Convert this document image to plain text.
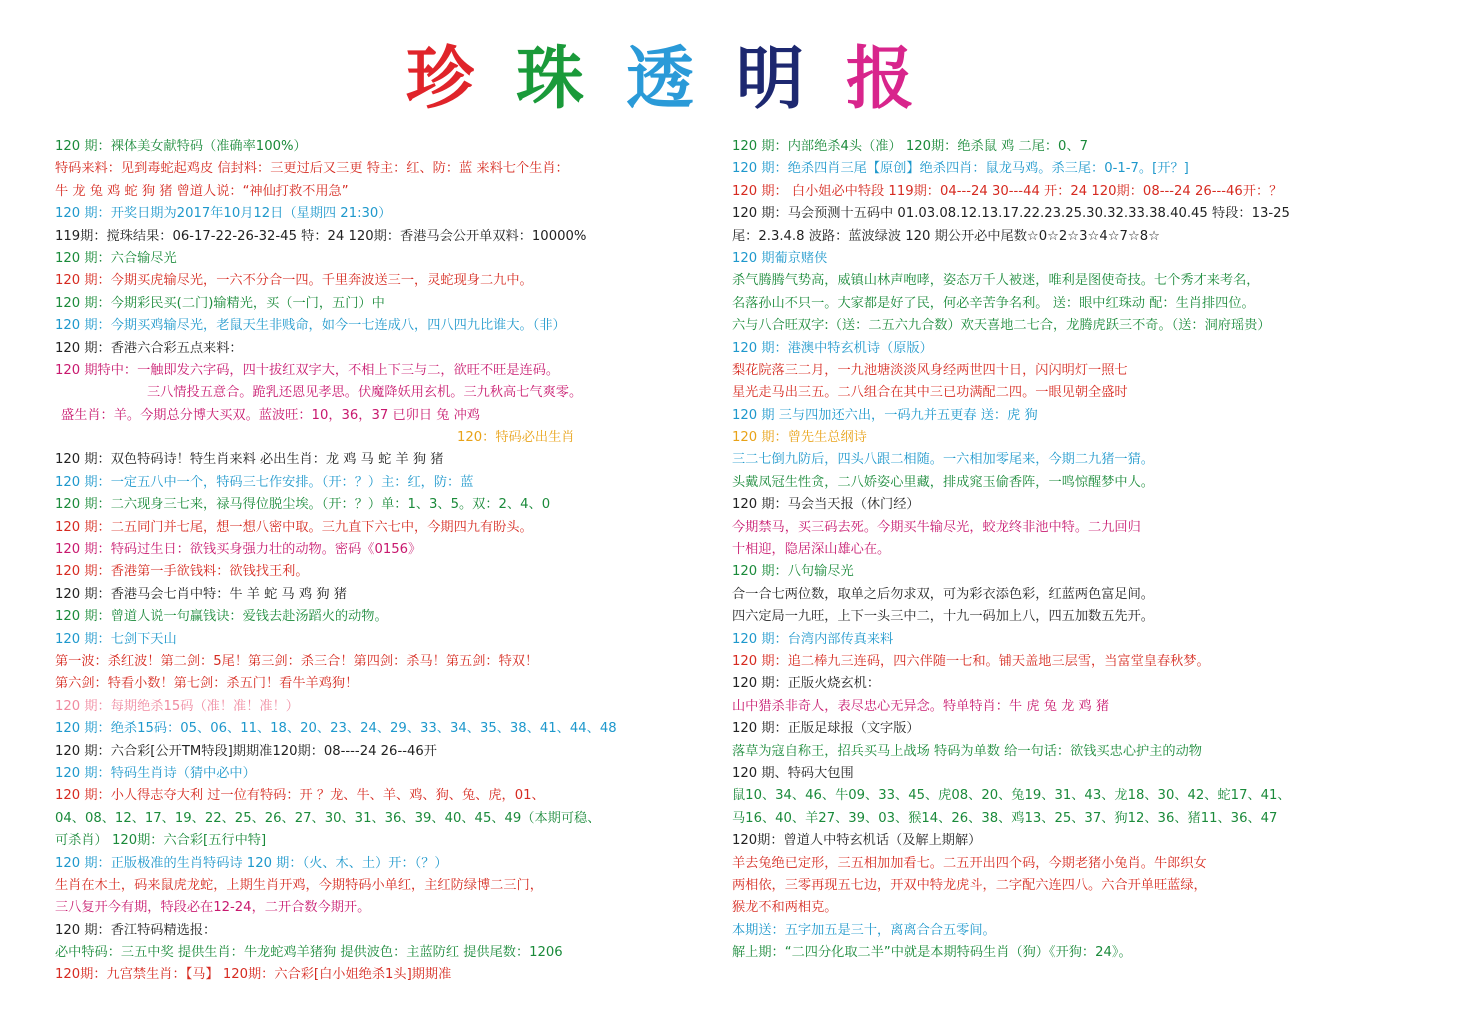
珍 珠 透 明 报
120 期：裸体美女献特码（准确率100%）
特码来料：见到毒蛇起鸡皮 信封料：三更过后又三更 特主：红、防：蓝 来料七个生肖：
牛 龙 兔 鸡 蛇 狗 猪 曾道人说：“神仙打救不用急”
120 期：开奖日期为2017年10月12日（星期四 21:30）
119期：搅珠结果：06-17-22-26-32-45 特：24 120期：香港马会公开单双料：10000%
120 期：六合输尽光
120 期：今期买虎输尽光，一六不分合一四。千里奔波送三一，灵蛇现身二九中。
120 期：今期彩民买(二门)输精光，买（一门，五门）中
120 期：今期买鸡输尽光，老鼠天生非贱命，如今一七连成八，四八四九比谁大。（非）
120 期：香港六合彩五点来料：
120 期特中：一触即发六字码，四十拔红双字大，不相上下三与二，欲旺不旺是连码。
三八情投五意合。跪乳还恩见孝思。伏魔降妖用玄机。三九秋高七气爽零。
盛生肖：羊。今期总分博大买双。蓝波旺：10，36，37 已卯日 兔 冲鸡
120：特码必出生肖
120 期：双色特码诗！特生肖来料 必出生肖：龙 鸡 马 蛇 羊 狗 猪
120 期：一定五八中一个，特码三七作安排。（开：？）主：红，防：蓝
120 期：二六现身三七来，禄马得位脱尘埃。（开：？）单：1、3、5。双：2、4、0
120 期：二五同门并七尾，想一想八密中取。三九直下六七中，今期四九有盼头。
120 期：特码过生日：欲钱买身强力壮的动物。密码《0156》
120 期：香港第一手欲钱料：欲钱找王利。
120 期：香港马会七肖中特：牛 羊 蛇 马 鸡 狗 猪
120 期：曾道人说一句赢钱诀：爱钱去赴汤蹈火的动物。
120 期：七剑下天山
第一波：杀红波！第二剑：5尾！第三剑：杀三合！第四剑：杀马！第五剑：特双！
第六剑：特看小数！第七剑：杀五门！看牛羊鸡狗！
120 期：每期绝杀15码（准！准！准！）
120 期：绝杀15码：05、06、11、18、20、23、24、29、33、34、35、38、41、44、48
120 期：六合彩[公开TM特段]期期准120期：08----24 26--46开
120 期：特码生肖诗（猜中必中）
120 期：小人得志夺大利 过一位有特码：开 ？龙、牛、羊、鸡、狗、兔、虎，01、
04、08、12、17、19、22、25、26、27、30、31、36、39、40、45、49（本期可稳、
可杀肖） 120期：六合彩[五行中特]
120 期：正版极准的生肖特码诗 120 期：（火、木、土）开：（？）
生肖在木土，码来鼠虎龙蛇，上期生肖开鸡，今期特码小单红，主红防绿博二三门，
三八复开今有期，特段必在12-24，二开合数今期开。
120 期：香江特码精选报：
必中特码：三五中奖 提供生肖：牛龙蛇鸡羊猪狗 提供波色：主蓝防红 提供尾数：1206
120期：九宫禁生肖：【马】 120期：六合彩[白小姐绝杀1头]期期准
120 期：内部绝杀4头（准） 120期：绝杀鼠 鸡 二尾：0、7
120 期：绝杀四肖三尾【原创】绝杀四肖：鼠龙马鸡。杀三尾：0-1-7。[开？]
120 期： 白小姐必中特段 119期：04---24 30---44 开：24 120期：08---24 26---46开：？
120 期：马会预测十五码中 01.03.08.12.13.17.22.23.25.30.32.33.38.40.45 特段：13-25
尾：2.3.4.8 波路：蓝波绿波 120 期公开必中尾数☆0☆2☆3☆4☆7☆8☆
120 期葡京赌侠
杀气腾腾气势高，威镇山林声咆哮，姿态万千人被迷，唯利是图使奇技。七个秀才来考名，
名落孙山不只一。大家都是好了民，何必辛苦争名利。 送：眼中红珠动 配：生肖排四位。
六与八合旺双字:（送：二五六九合数）欢天喜地二七合，龙腾虎跃三不奇。（送：洞府瑶贵）
120 期：港澳中特玄机诗（原版）
梨花院落三二月，一九池塘淡淡风身经两世四十日，闪闪明灯一照七
星光走马出三五。二八组合在其中三已功满配二四。一眼见朝全盛时
120 期 三与四加还六出，一码九并五更春 送：虎 狗
120 期：曾先生总纲诗
三二七倒九防后，四头八跟二相随。一六相加零尾来，今期二九猪一猜。
头戴凤冠生性贪，二八娇姿心里藏，排成窕玉偷香阵，一鸣惊醒梦中人。
120 期：马会当天报（休门经）
今期禁马，买三码去死。今期买牛输尽光，蛟龙终非池中特。二九回归
十相迎，隐居深山雄心在。
120 期：八句输尽光
合一合七两位数，取单之后勿求双，可为彩衣添色彩，红蓝两色富足间。
四六定局一九旺，上下一头三中二，十九一码加上八，四五加数五先开。
120 期：台湾内部传真来料
120 期：追二棒九三连码，四六伴随一七和。铺天盖地三层雪，当富堂皇春秋梦。
120 期：正版火烧玄机：
山中猎杀非奇人，表尽忠心无异念。特单特肖：牛 虎 兔 龙 鸡 猪
120 期：正版足球报（文字版）
落草为寇自称王，招兵买马上战场 特码为单数 给一句话：欲钱买忠心护主的动物
120 期、特码大包围
鼠10、34、46、牛09、33、45、虎08、20、兔19、31、43、龙18、30、42、蛇17、41、
马16、40、羊27、39、03、猴14、26、38、鸡13、25、37、狗12、36、猪11、36、47
120期：曾道人中特玄机话（及解上期解）
羊去兔绝已定形，三五相加加看七。二五开出四个码，今期老猪小兔肖。牛郎织女
两相依，三零再现五七边，开双中特龙虎斗，二字配六连四八。六合开单旺蓝绿，
猴龙不和两相克。
本期送：五字加五是三十，离离合合五零间。
解上期：“二四分化取二半”中就是本期特码生肖（狗）《开狗：24》。
